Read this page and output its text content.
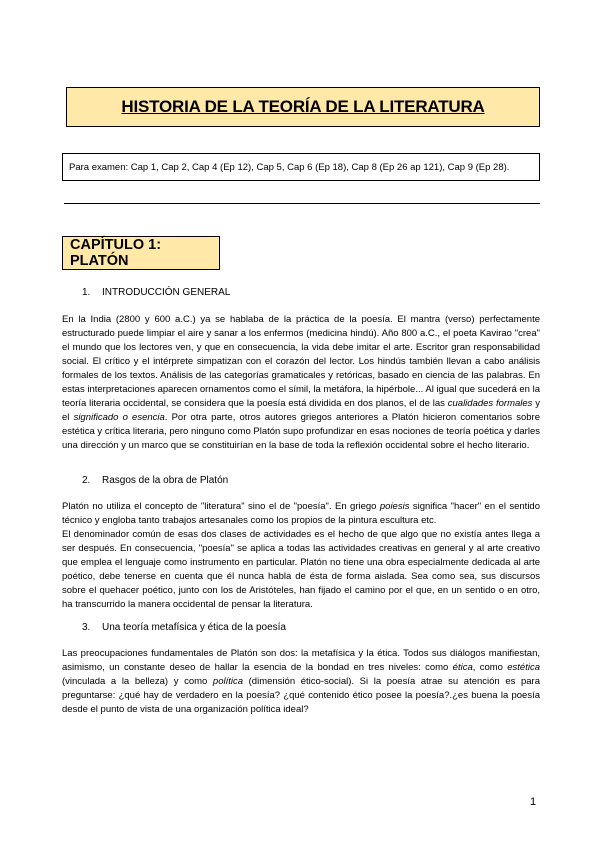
HISTORIA DE LA TEORÍA DE LA LITERATURA
Para examen: Cap 1, Cap 2, Cap 4 (Ep 12), Cap 5, Cap 6 (Ep 18), Cap 8 (Ep 26 ap 121), Cap 9 (Ep 28).
CAPÍTULO 1: PLATÓN
1. INTRODUCCIÓN GENERAL

En la India (2800 y 600 a.C.) ya se hablaba de la práctica de la poesía. El mantra (verso) perfectamente estructurado puede limpiar el aire y sanar a los enfermos (medicina hindú). Año 800 a.C., el poeta Kavirao "crea" el mundo que los lectores ven, y que en consecuencia, la vida debe imitar el arte. Escritor gran responsabilidad social. El crítico y el intérprete simpatizan con el corazón del lector. Los hindús también llevan a cabo análisis formales de los textos. Análisis de las categorías gramaticales y retóricas, basado en ciencia de las palabras. En estas interpretaciones aparecen ornamentos como el símil, la metáfora, la hipérbole... Al igual que sucederá en la teoría literaria occidental, se considera que la poesía está dividida en dos planos, el de las cualidades formales y el significado o esencia. Por otra parte, otros autores griegos anteriores a Platón hicieron comentarios sobre estética y crítica literaria, pero ninguno como Platón supo profundizar en esas nociones de teoría poética y darles una dirección y un marco que se constituirían en la base de toda la reflexión occidental sobre el hecho literario.

2. Rasgos de la obra de Platón

Platón no utiliza el concepto de "literatura" sino el de "poesía". En griego poiesis significa "hacer" en el sentido técnico y engloba tanto trabajos artesanales como los propios de la pintura escultura etc.

El denominador común de esas dos clases de actividades es el hecho de que algo que no existía antes llega a ser después. En consecuencia, "poesía" se aplica a todas las actividades creativas en general y al arte creativo que emplea el lenguaje como instrumento en particular. Platón no tiene una obra especialmente dedicada al arte poético, debe tenerse en cuenta que él nunca habla de ésta de forma aislada. Sea como sea, sus discursos sobre el quehacer poético, junto con los de Aristóteles, han fijado el camino por el que, en un sentido o en otro, ha transcurrido la manera occidental de pensar la literatura.

3. Una teoría metafísica y ética de la poesía

Las preocupaciones fundamentales de Platón son dos: la metafísica y la ética. Todos sus diálogos manifiestan, asimismo, un constante deseo de hallar la esencia de la bondad en tres niveles: como ética, como estética (vinculada a la belleza) y como política (dimensión ético-social). Si la poesía atrae su atención es para preguntarse: ¿qué hay de verdadero en la poesía? ¿qué contenido ético posee la poesía?.¿es buena la poesía desde el punto de vista de una organización política ideal?

1
